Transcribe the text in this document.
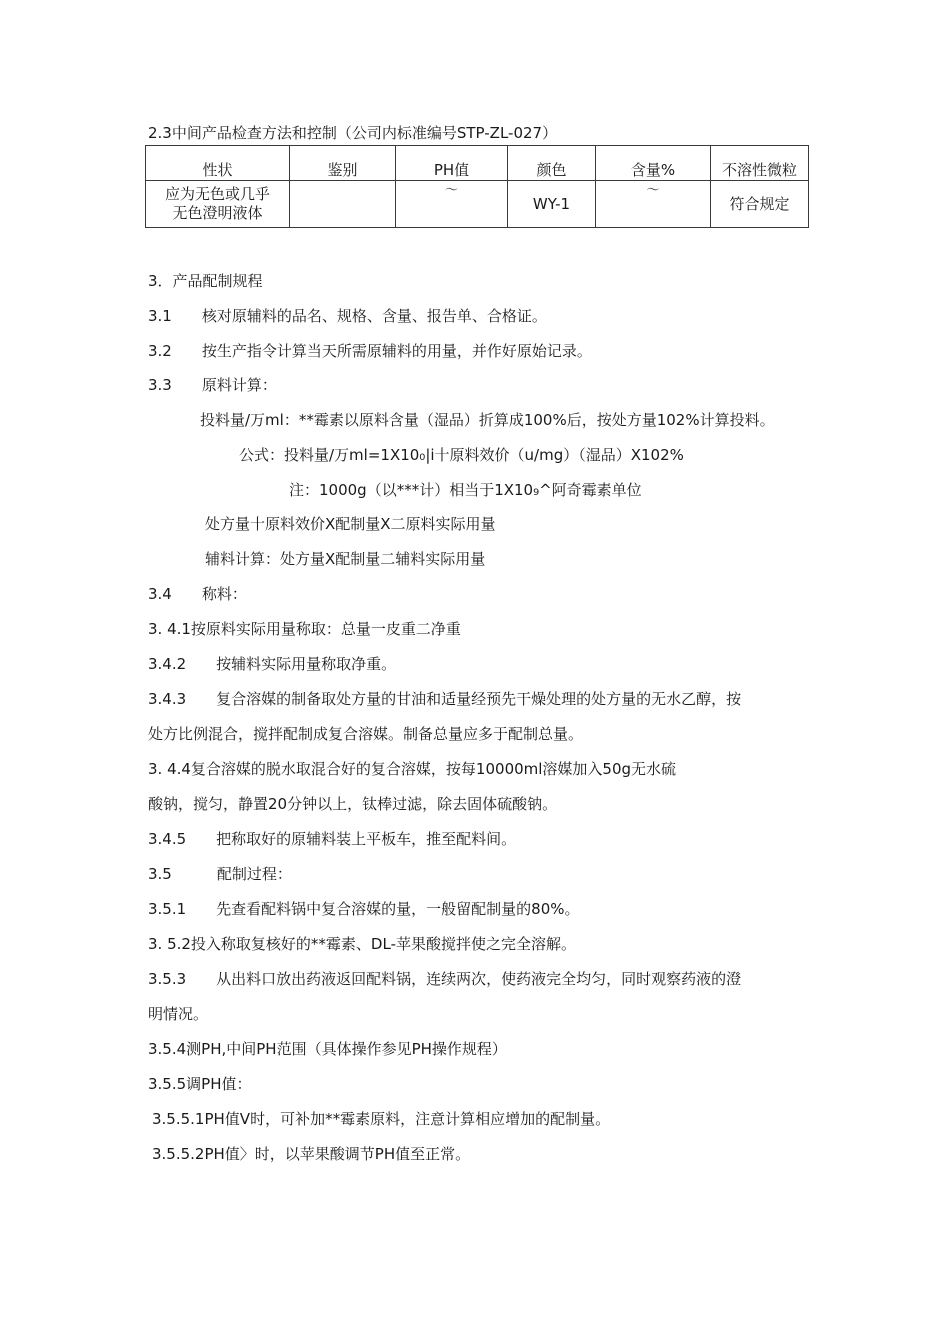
2.3中间产品检查方法和控制（公司内标准编号STP-ZL-027）
性状	鉴别	PH值	颜色	含量%	不溶性微粒

应为无色或几乎
无色澄明液体		〜	WY-1	〜	符合规定
3．产品配制规程
3.1　　核对原辅料的品名、规格、含量、报告单、合格证。
3.2　　按生产指令计算当天所需原辅料的用量，并作好原始记录。
3.3　　原料计算：
投料量/万ml：**霉素以原料含量（湿品）折算成100%后，按处方量102%计算投料。
公式：投料量/万ml=1X10₀|i十原料效价（u/mg）（湿品）X102%
注：1000g（以***计）相当于1X10₉^阿奇霉素单位
处方量十原料效价X配制量X二原料实际用量
辅料计算：处方量X配制量二辅料实际用量
3.4　　称料：
3. 4.1按原料实际用量称取：总量一皮重二净重
3.4.2　　按辅料实际用量称取净重。
3.4.3　　复合溶媒的制备取处方量的甘油和适量经预先干燥处理的处方量的无水乙醇，按
处方比例混合，搅拌配制成复合溶媒。制备总量应多于配制总量。
3. 4.4复合溶媒的脱水取混合好的复合溶媒，按每10000ml溶媒加入50g无水硫
酸钠，搅匀，静置20分钟以上，钛棒过滤，除去固体硫酸钠。
3.4.5　　把称取好的原辅料装上平板车，推至配料间。
3.5　　　配制过程：
3.5.1　　先查看配料锅中复合溶媒的量，一般留配制量的80%。
3. 5.2投入称取复核好的**霉素、DL-苹果酸搅拌使之完全溶解。
3.5.3　　从出料口放出药液返回配料锅，连续两次，使药液完全均匀，同时观察药液的澄
明情况。
3.5.4测PH,中间PH范围（具体操作参见PH操作规程）
3.5.5调PH值：
3.5.5.1PH值V时，可补加**霉素原料，注意计算相应增加的配制量。
3.5.5.2PH值〉时，以苹果酸调节PH值至正常。
